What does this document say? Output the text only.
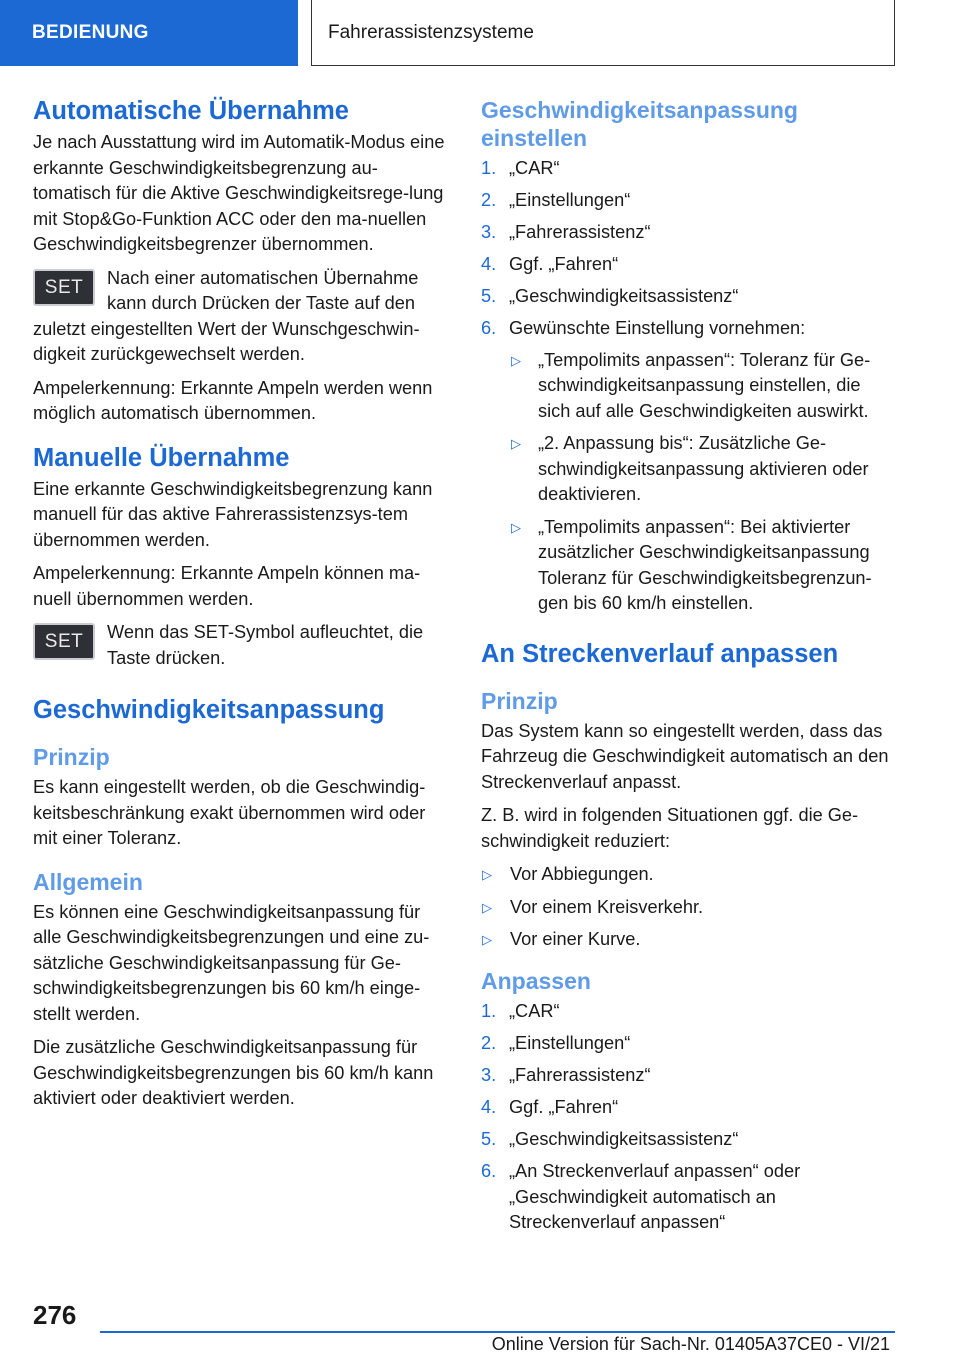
BEDIENUNG	Fahrerassistenzsysteme
Automatische Übernahme

Je nach Ausstattung wird im Automatik-Modus eine erkannte Geschwindigkeitsbegrenzung au-tomatisch für die Aktive Geschwindigkeitsrege-lung mit Stop&Go-Funktion ACC oder den ma-nuellen Geschwindigkeitsbegrenzer übernommen.

SET	Nach einer automatischen Übernahme kann durch Drücken der Taste auf den zuletzt eingestellten Wert der Wunschgeschwin-digkeit zurückgewechselt werden.

Ampelerkennung: Erkannte Ampeln werden wenn möglich automatisch übernommen.

Manuelle Übernahme

Eine erkannte Geschwindigkeitsbegrenzung kann manuell für das aktive Fahrerassistenzsys-tem übernommen werden.

Ampelerkennung: Erkannte Ampeln können ma-nuell übernommen werden.

SET	Wenn das SET-Symbol aufleuchtet, die Taste drücken.

Geschwindigkeitsanpassung
Prinzip

Es kann eingestellt werden, ob die Geschwindig-keitsbeschränkung exakt übernommen wird oder mit einer Toleranz.

Allgemein

Es können eine Geschwindigkeitsanpassung für alle Geschwindigkeitsbegrenzungen und eine zu-sätzliche Geschwindigkeitsanpassung für Ge-schwindigkeitsbegrenzungen bis 60 km/h einge-stellt werden.

Die zusätzliche Geschwindigkeitsanpassung für Geschwindigkeitsbegrenzungen bis 60 km/h kann aktiviert oder deaktiviert werden.

Geschwindigkeitsanpassung einstellen
1. „CAR“
2. „Einstellungen“
3. „Fahrerassistenz“
4. Ggf. „Fahren“
5. „Geschwindigkeitsassistenz“
6. Gewünschte Einstellung vornehmen:
▷ „Tempolimits anpassen“: Toleranz für Ge-schwindigkeitsanpassung einstellen, die sich auf alle Geschwindigkeiten auswirkt.
▷ „2. Anpassung bis“: Zusätzliche Ge-schwindigkeitsanpassung aktivieren oder deaktivieren.
▷ „Tempolimits anpassen“: Bei aktivierter zusätzlicher Geschwindigkeitsanpassung Toleranz für Geschwindigkeitsbegrenzun-gen bis 60 km/h einstellen.
An Streckenverlauf anpassen
Prinzip

Das System kann so eingestellt werden, dass das Fahrzeug die Geschwindigkeit automatisch an den Streckenverlauf anpasst.

Z. B. wird in folgenden Situationen ggf. die Ge-schwindigkeit reduziert:

▷ Vor Abbiegungen.
▷ Vor einem Kreisverkehr.
▷ Vor einer Kurve.
Anpassen
1. „CAR“
2. „Einstellungen“
3. „Fahrerassistenz“
4. Ggf. „Fahren“
5. „Geschwindigkeitsassistenz“
6. „An Streckenverlauf anpassen“ oder „Geschwindigkeit automatisch an Streckenverlauf anpassen“
276
Online Version für Sach-Nr. 01405A37CE0 - VI/21
